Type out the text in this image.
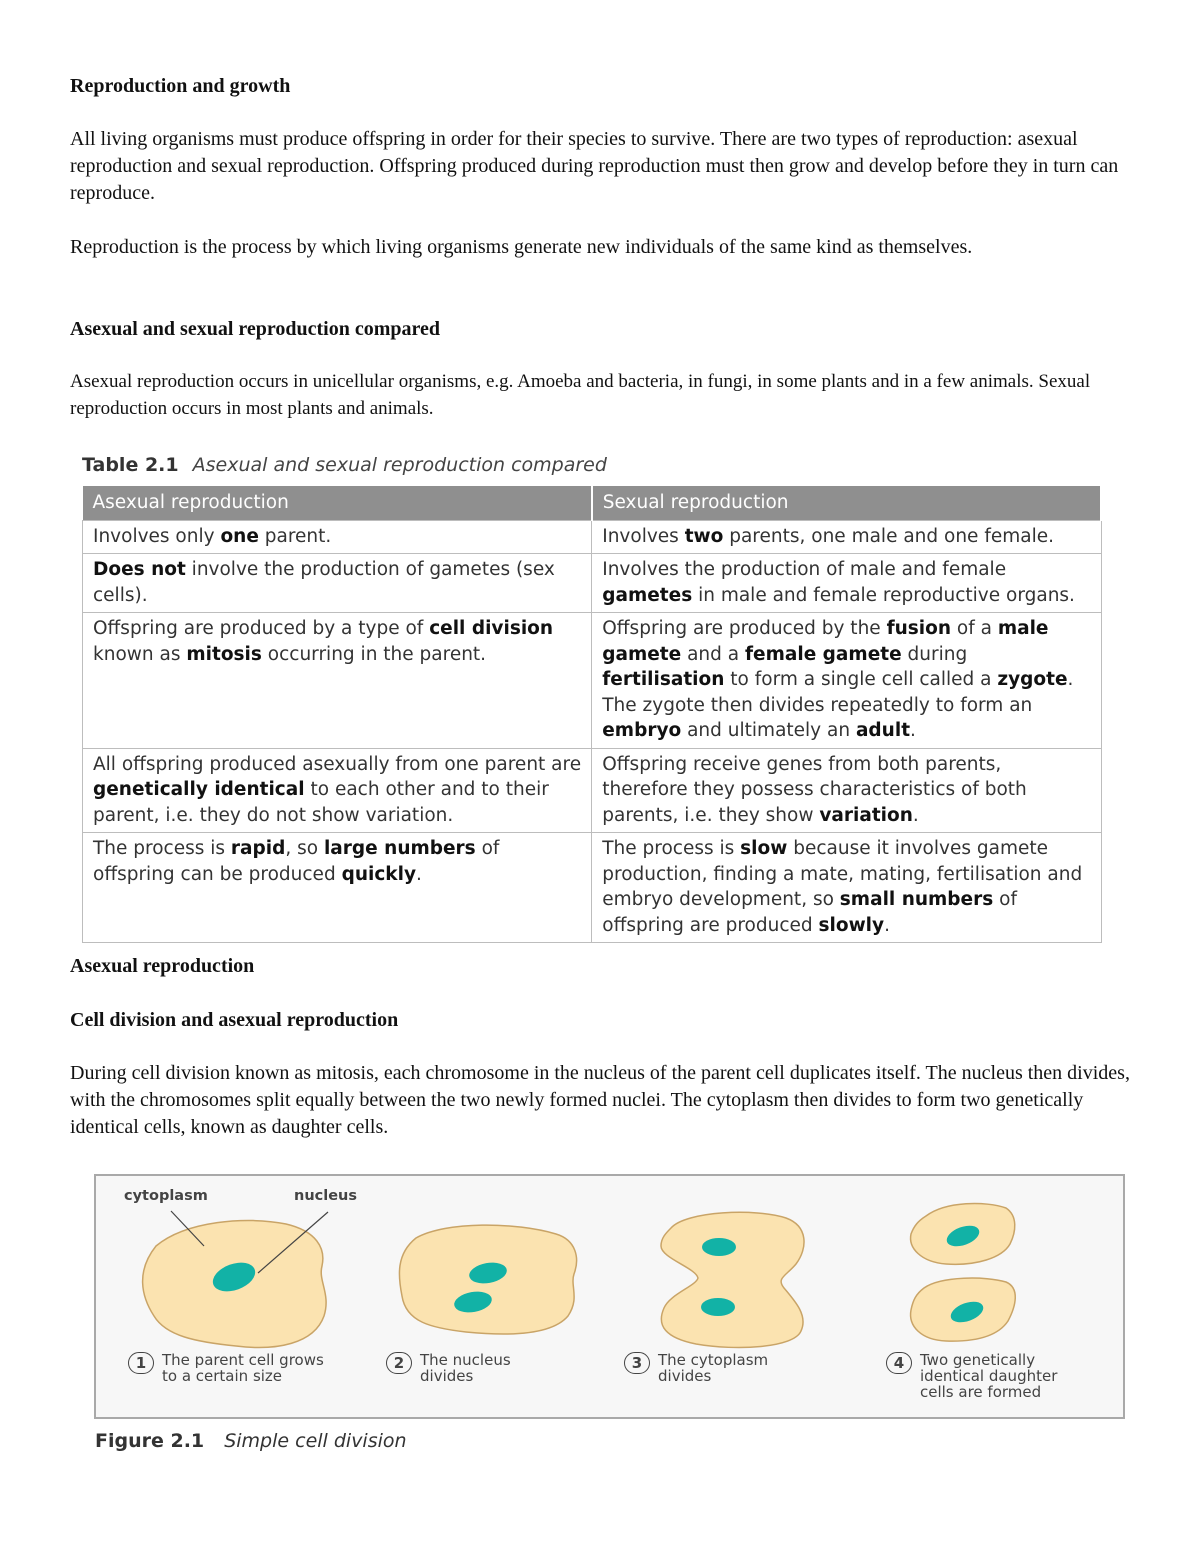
Reproduction and growth

All living organisms must produce offspring in order for their species to survive. There are two types of reproduction: asexual reproduction and sexual reproduction. Offspring produced during reproduction must then grow and develop before they in turn can reproduce.

Reproduction is the process by which living organisms generate new individuals of the same kind as themselves.

Asexual and sexual reproduction compared

Asexual reproduction occurs in unicellular organisms, e.g. Amoeba and bacteria, in fungi, in some plants and in a few animals. Sexual reproduction occurs in most plants and animals.

Table 2.1 Asexual and sexual reproduction compared
Asexual reproduction	Sexual reproduction
Involves only one parent.	Involves two parents, one male and one female.
Does not involve the production of gametes (sex cells).	Involves the production of male and female gametes in male and female reproductive organs.
Offspring are produced by a type of cell division known as mitosis occurring in the parent.	Offspring are produced by the fusion of a male gamete and a female gamete during fertilisation to form a single cell called a zygote. The zygote then divides repeatedly to form an embryo and ultimately an adult.
All offspring produced asexually from one parent are genetically identical to each other and to their parent, i.e. they do not show variation.	Offspring receive genes from both parents, therefore they possess characteristics of both parents, i.e. they show variation.
The process is rapid, so large numbers of offspring can be produced quickly.	The process is slow because it involves gamete production, finding a mate, mating, fertilisation and embryo development, so small numbers of offspring are produced slowly.

Asexual reproduction

Cell division and asexual reproduction

During cell division known as mitosis, each chromosome in the nucleus of the parent cell duplicates itself. The nucleus then divides, with the chromosomes split equally between the two newly formed nuclei. The cytoplasm then divides to form two genetically identical cells, known as daughter cells.

cytoplasm	nucleus
1 The parent cell grows to a certain size
2 The nucleus divides
3 The cytoplasm divides
4 Two genetically identical daughter cells are formed
Figure 2.1 Simple cell division
